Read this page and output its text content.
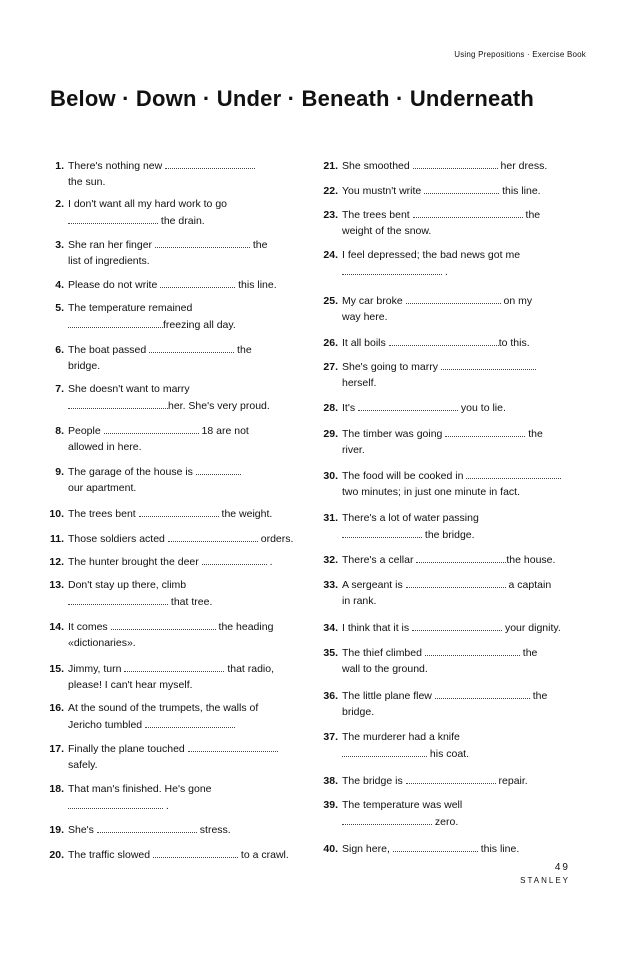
Using Prepositions · Exercise Book
Below · Down · Under · Beneath · Underneath
1. There's nothing new
the sun.
2. I don't want all my hard work to go
the drain.
3. She ran her finger	the
list of ingredients.
4. Please do not write	this line.
5. The temperature remained
freezing all day.
6. The boat passed	the
bridge.
7. She doesn't want to marry
her. She's very proud.
8. People	18 are not
allowed in here.
9. The garage of the house is
our apartment.
10. The trees bent	the weight.
11. Those soldiers acted	orders.
12. The hunter brought the deer	.
13. Don't stay up there, climb
that tree.
14. It comes	the heading
«dictionaries».
15. Jimmy, turn	that radio,
please! I can't hear myself.
16. At the sound of the trumpets, the walls of
Jericho tumbled
17. Finally the plane touched
safely.
18. That man's finished. He's gone
.
19. She's	stress.
20. The traffic slowed	to a crawl.
21. She smoothed	her dress.
22. You mustn't write	this line.
23. The trees bent	the
weight of the snow.
24. I feel depressed; the bad news got me
.
25. My car broke	on my
way here.
26. It all boils	to this.
27. She's going to marry
herself.
28. It's	you to lie.
29. The timber was going	the
river.
30. The food will be cooked in
two minutes; in just one minute in fact.
31. There's a lot of water passing
the bridge.
32. There's a cellar	the house.
33. A sergeant is	a captain
in rank.
34. I think that it is	your dignity.
35. The thief climbed	the
wall to the ground.
36. The little plane flew	the
bridge.
37. The murderer had a knife
his coat.
38. The bridge is	repair.
39. The temperature was well
zero.
40. Sign here,	this line.
49
STANLEY
